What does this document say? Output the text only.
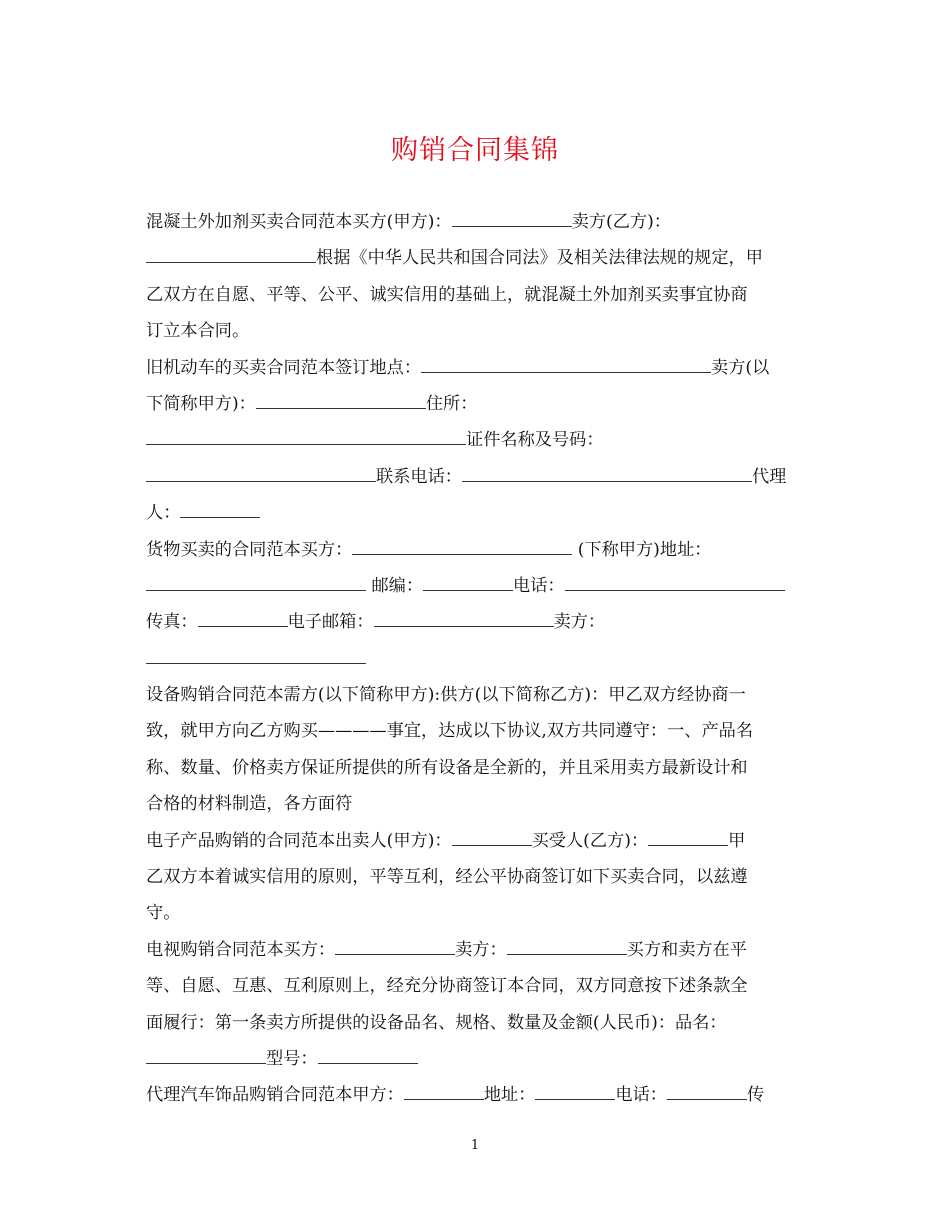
购销合同集锦
混凝土外加剂买卖合同范本买方(甲方)：	卖方(乙方)：
根据《中华人民共和国合同法》及相关法律法规的规定，甲
乙双方在自愿、平等、公平、诚实信用的基础上，就混凝土外加剂买卖事宜协商
订立本合同。
旧机动车的买卖合同范本签订地点：	卖方(以
下简称甲方)：	住所：
证件名称及号码：
联系电话：	代理
人：
货物买卖的合同范本买方：	(下称甲方)地址：
邮编：	电话：
传真：	电子邮箱：	卖方：
设备购销合同范本需方(以下简称甲方):供方(以下简称乙方)：甲乙双方经协商一
致，就甲方向乙方购买————事宜，达成以下协议,双方共同遵守：一、产品名
称、数量、价格卖方保证所提供的所有设备是全新的，并且采用卖方最新设计和
合格的材料制造，各方面符
电子产品购销的合同范本出卖人(甲方)：	买受人(乙方)：	甲
乙双方本着诚实信用的原则，平等互利，经公平协商签订如下买卖合同，以兹遵
守。
电视购销合同范本买方：	卖方：	买方和卖方在平
等、自愿、互惠、互利原则上，经充分协商签订本合同，双方同意按下述条款全
面履行：第一条卖方所提供的设备品名、规格、数量及金额(人民币)：品名：
型号：
代理汽车饰品购销合同范本甲方：	地址：	电话：	传
1
